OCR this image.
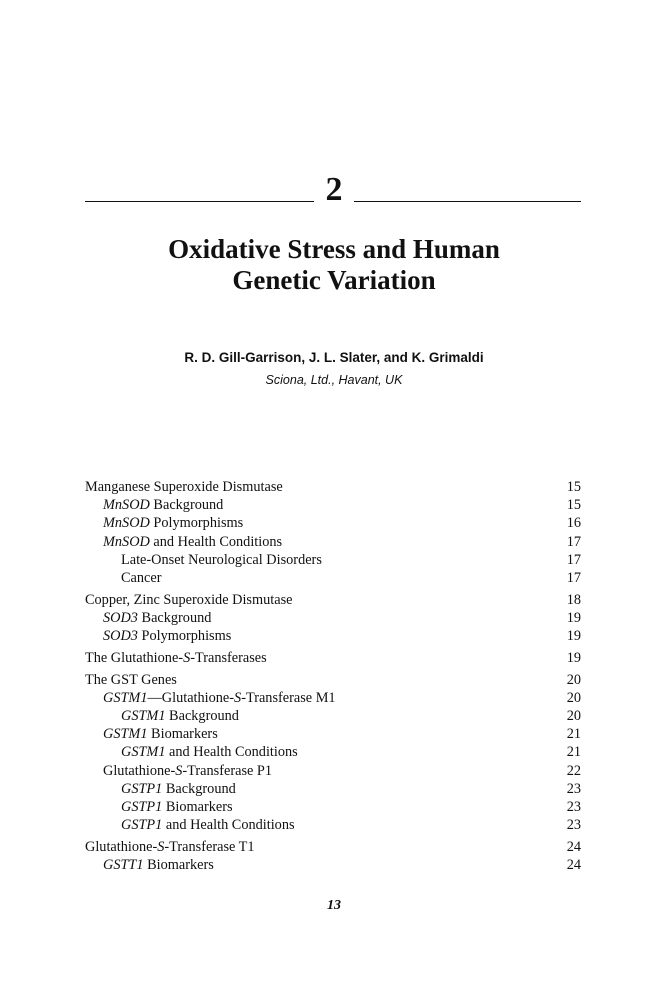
2
Oxidative Stress and Human
Genetic Variation
R. D. Gill-Garrison, J. L. Slater, and K. Grimaldi
Sciona, Ltd., Havant, UK
Manganese Superoxide Dismutase	15
MnSOD Background	15
MnSOD Polymorphisms	16
MnSOD and Health Conditions	17
Late-Onset Neurological Disorders	17
Cancer	17
Copper, Zinc Superoxide Dismutase	18
SOD3 Background	19
SOD3 Polymorphisms	19
The Glutathione-S-Transferases	19
The GST Genes	20
GSTM1—Glutathione-S-Transferase M1	20
GSTM1 Background	20
GSTM1 Biomarkers	21
GSTM1 and Health Conditions	21
Glutathione-S-Transferase P1	22
GSTP1 Background	23
GSTP1 Biomarkers	23
GSTP1 and Health Conditions	23
Glutathione-S-Transferase T1	24
GSTT1 Biomarkers	24
13
